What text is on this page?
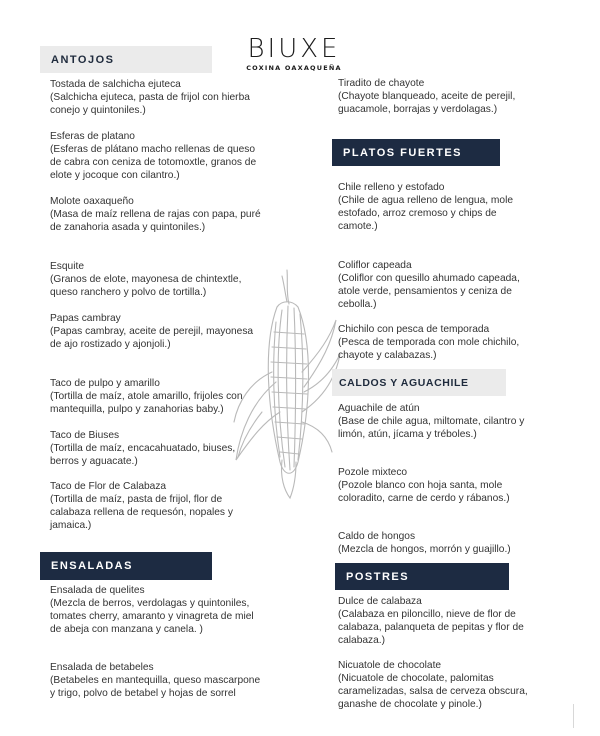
BIUXE
COXINA OAXAQUEÑA
ANTOJOS
Tostada de salchicha ejuteca
(Salchicha ejuteca, pasta de frijol con hierba conejo y quintoniles.)
Esferas de platano
(Esferas de plátano macho rellenas de queso de cabra con ceniza de totomoxtle, granos de elote y jocoque con cilantro.)
Molote oaxaqueño
(Masa de maíz rellena de rajas con papa, puré de zanahoria asada y quintoniles.)
Esquite
(Granos de elote, mayonesa de chintextle, queso ranchero y polvo de tortilla.)
Papas cambray
(Papas cambray, aceite de perejil, mayonesa de ajo rostizado y ajonjoli.)
Taco de pulpo y amarillo
(Tortilla de maíz, atole amarillo, frijoles con mantequilla, pulpo y zanahorias baby.)
Taco de Biuses
(Tortilla de maíz, encacahuatado, biuses, berros y aguacate.)
Taco de Flor de Calabaza
(Tortilla de maíz, pasta de frijol, flor de calabaza rellena de requesón, nopales y jamaica.)
ENSALADAS
Ensalada de quelites
(Mezcla de berros, verdolagas y quintoniles, tomates cherry, amaranto y vinagreta de miel de abeja con manzana y canela. )
Ensalada de betabeles
(Betabeles en mantequilla, queso mascarpone y trigo, polvo de betabel y hojas de sorrel
Tiradito de chayote
(Chayote blanqueado, aceite de perejil, guacamole, borrajas y verdolagas.)
PLATOS FUERTES
Chile relleno y estofado
(Chile de agua relleno de lengua, mole estofado, arroz cremoso y chips de camote.)
Coliflor capeada
(Coliflor con quesillo ahumado capeada, atole verde, pensamientos y ceniza de cebolla.)
Chichilo con pesca de temporada
(Pesca de temporada con mole chichilo, chayote y calabazas.)
CALDOS Y AGUACHILE
Aguachile de atún
(Base de chile agua, miltomate, cilantro y limón, atún, jícama y tréboles.)
Pozole mixteco
(Pozole blanco con hoja santa, mole coloradito, carne de cerdo y rábanos.)
Caldo de hongos
(Mezcla de hongos, morrón y guajillo.)
POSTRES
Dulce de calabaza
(Calabaza en piloncillo, nieve de flor de calabaza, palanqueta de pepitas y flor de calabaza.)
Nicuatole de chocolate
(Nicuatole de chocolate, palomitas caramelizadas, salsa de cerveza obscura, ganashe de chocolate y pinole.)
